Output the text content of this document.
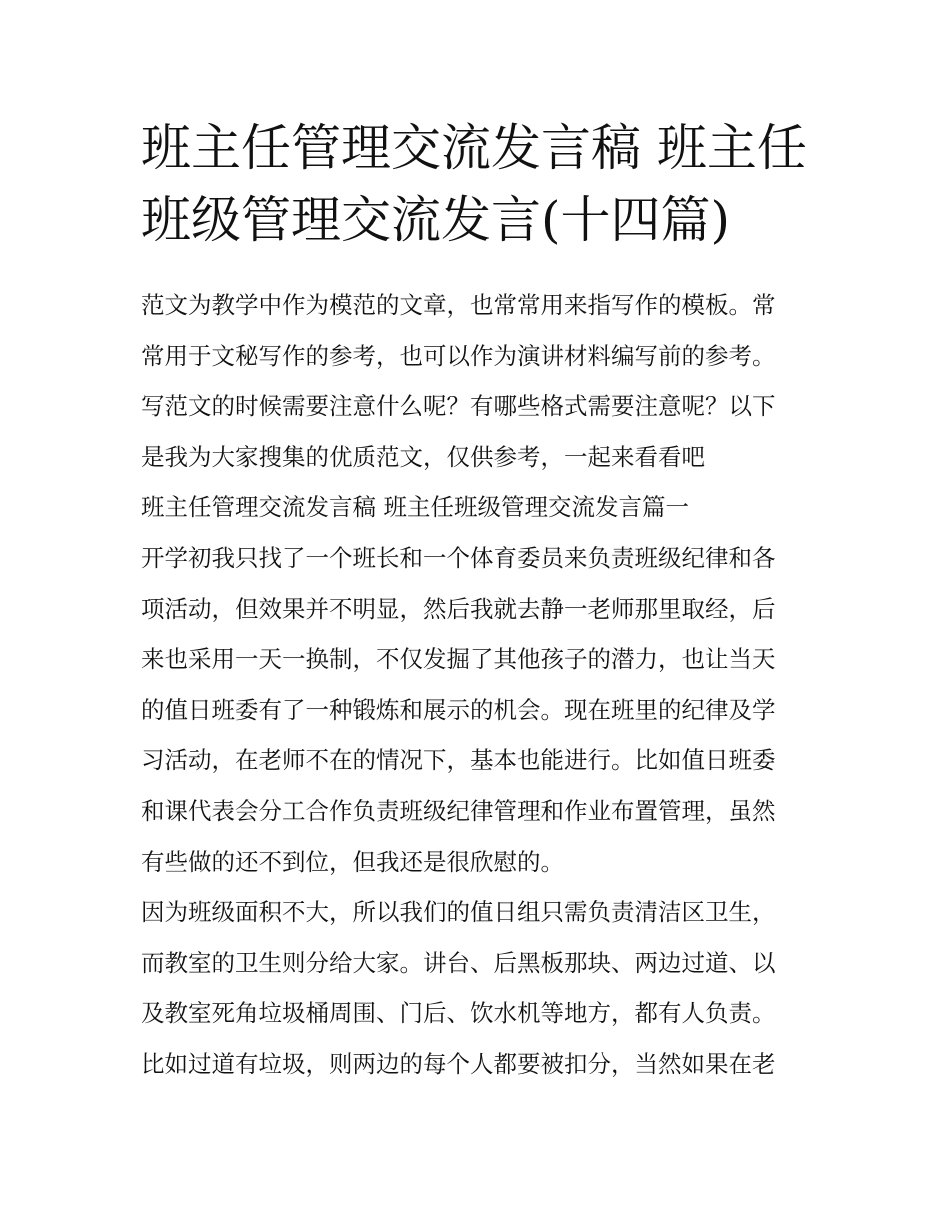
班主任管理交流发言稿 班主任
班级管理交流发言(十四篇)
范文为教学中作为模范的文章，也常常用来指写作的模板。常
常用于文秘写作的参考，也可以作为演讲材料编写前的参考。
写范文的时候需要注意什么呢？有哪些格式需要注意呢？以下
是我为大家搜集的优质范文，仅供参考，一起来看看吧
班主任管理交流发言稿 班主任班级管理交流发言篇一
开学初我只找了一个班长和一个体育委员来负责班级纪律和各
项活动，但效果并不明显，然后我就去静一老师那里取经，后
来也采用一天一换制，不仅发掘了其他孩子的潜力，也让当天
的值日班委有了一种锻炼和展示的机会。现在班里的纪律及学
习活动，在老师不在的情况下，基本也能进行。比如值日班委
和课代表会分工合作负责班级纪律管理和作业布置管理，虽然
有些做的还不到位，但我还是很欣慰的。
因为班级面积不大，所以我们的值日组只需负责清洁区卫生，
而教室的卫生则分给大家。讲台、后黑板那块、两边过道、以
及教室死角垃圾桶周围、门后、饮水机等地方，都有人负责。
比如过道有垃圾，则两边的每个人都要被扣分，当然如果在老
